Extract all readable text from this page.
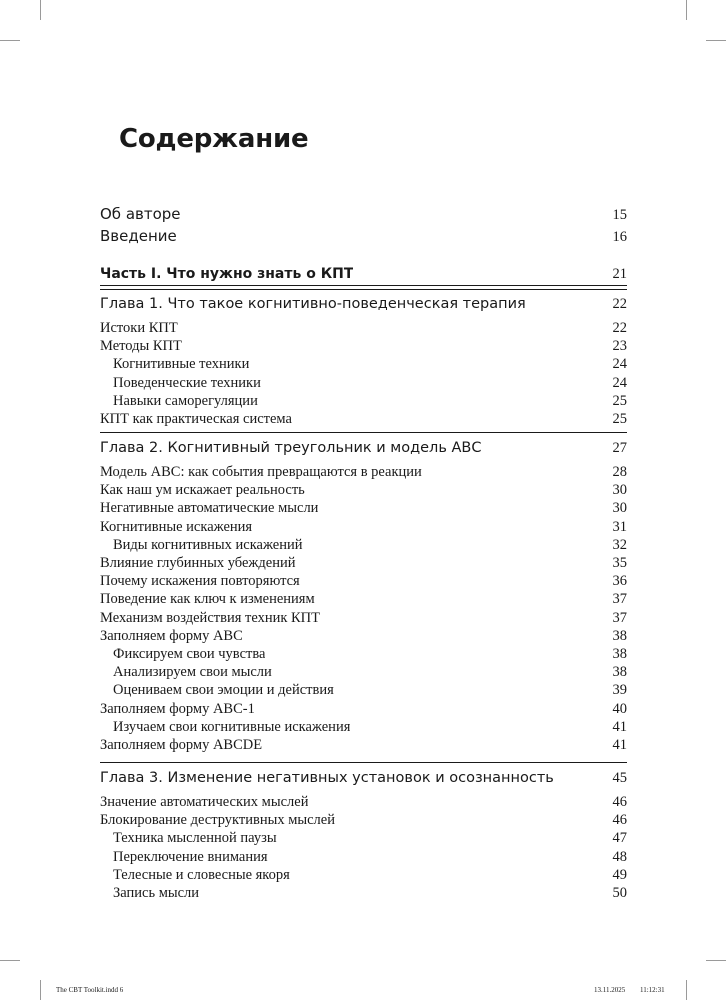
Содержание
Об авторе	15
Введение	16
Часть I. Что нужно знать о КПТ	21
Глава 1. Что такое когнитивно-поведенческая терапия	22
Истоки КПТ	22
Методы КПТ	23
Когнитивные техники	24
Поведенческие техники	24
Навыки саморегуляции	25
КПТ как практическая система	25
Глава 2. Когнитивный треугольник и модель АВС	27
Модель АВС: как события превращаются в реакции	28
Как наш ум искажает реальность	30
Негативные автоматические мысли	30
Когнитивные искажения	31
Виды когнитивных искажений	32
Влияние глубинных убеждений	35
Почему искажения повторяются	36
Поведение как ключ к изменениям	37
Механизм воздействия техник КПТ	37
Заполняем форму АВС	38
Фиксируем свои чувства	38
Анализируем свои мысли	38
Оцениваем свои эмоции и действия	39
Заполняем форму АВС-1	40
Изучаем свои когнитивные искажения	41
Заполняем форму ABCDE	41
Глава 3. Изменение негативных установок и осознанность	45
Значение автоматических мыслей	46
Блокирование деструктивных мыслей	46
Техника мысленной паузы	47
Переключение внимания	48
Телесные и словесные якоря	49
Запись мысли	50
The CBT Toolkit.indd 6	13.11.2025 11:12:31
